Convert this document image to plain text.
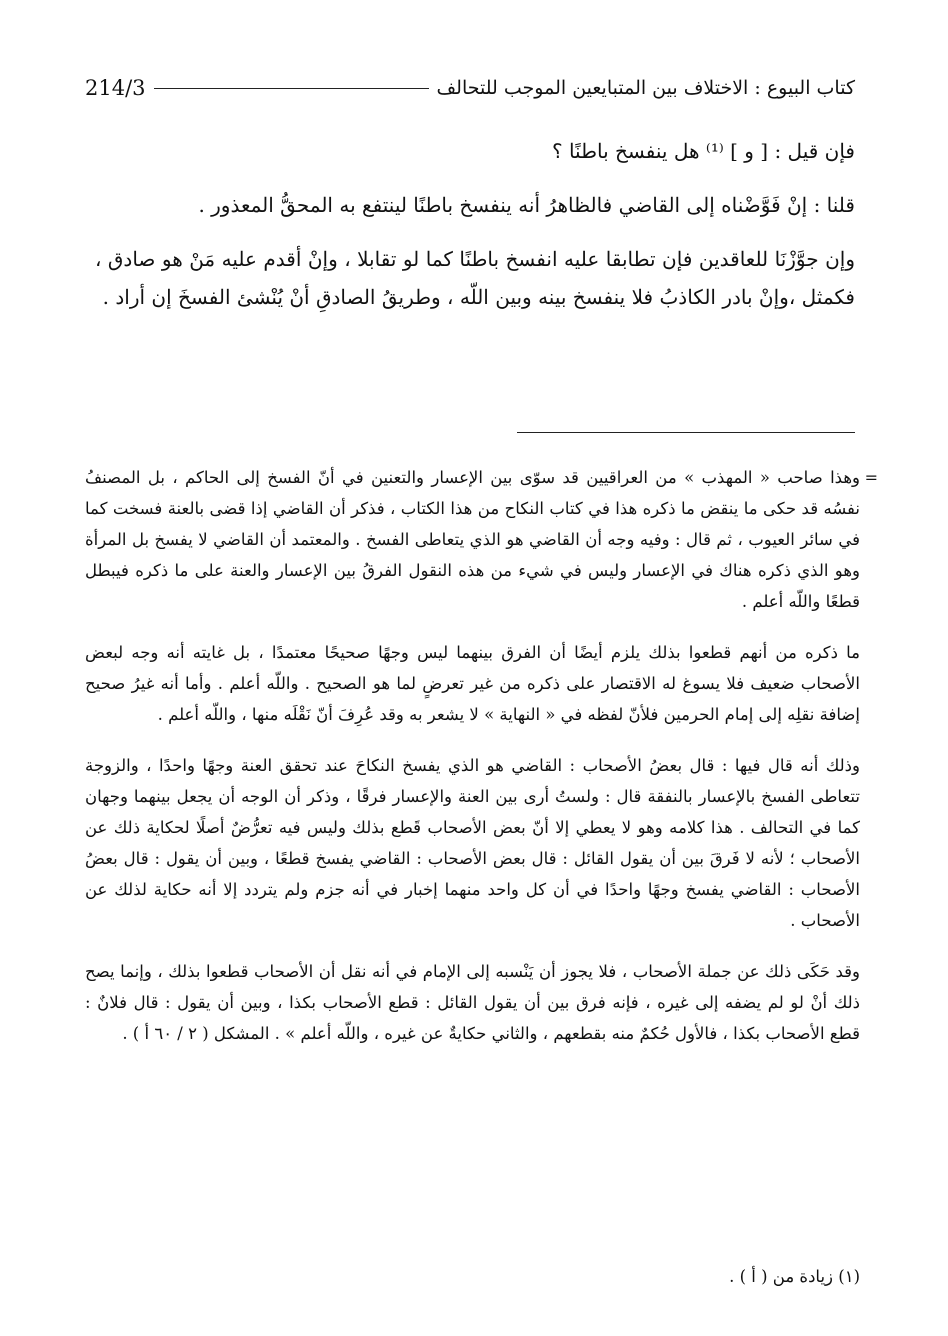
214/3	كتاب البيوع : الاختلاف بين المتبايعين الموجب للتحالف

فإن قيل : [ و ] ⁽¹⁾ هل ينفسخ باطنًا ؟

قلنا : إنْ فَوَّضْناه إلى القاضي فالظاهرُ أنه ينفسخ باطنًا لينتفع به المحقُّ المعذور .

وإن جوَّزْنَا للعاقدين فإن تطابقا عليه انفسخ باطنًا كما لو تقابلا ، وإنْ أقدم عليه مَنْ هو صادق ، فكمثل ،وإنْ بادر الكاذبُ فلا ينفسخ بينه وبين اللّه ، وطريقُ الصادقِ أنْ يُنْشئ الفسخَ إن أراد .

=
وهذا صاحب « المهذب » من العراقيين قد سوّى بين الإعسار والتعنين في أنّ الفسخ إلى الحاكم ، بل المصنفُ نفسُه قد حكى ما ينقض ما ذكره هذا في كتاب النكاح من هذا الكتاب ، فذكر أن القاضي إذا قضى بالعنة فسخت كما في سائر العيوب ، ثم قال : وفيه وجه أن القاضي هو الذي يتعاطى الفسخ . والمعتمد أن القاضي لا يفسخ بل المرأة وهو الذي ذكره هناك في الإعسار وليس في شيء من هذه النقول الفرقُ بين الإعسار والعنة على ما ذكره فيبطل قطعًا واللّه أعلم .
ما ذكره من أنهم قطعوا بذلك يلزم أيضًا أن الفرق بينهما ليس وجهًا صحيحًا معتمدًا ، بل غايته أنه وجه لبعض الأصحاب ضعيف فلا يسوغ له الاقتصار على ذكره من غير تعرضٍ لما هو الصحيح . واللّه أعلم . وأما أنه غيرُ صحيح إضافة نقلِه إلى إمام الحرمين فلأنّ لفظه في « النهاية » لا يشعر به وقد عُرِفَ أنّ نَقْلَه منها ، واللّه أعلم .
وذلك أنه قال فيها : قال بعضُ الأصحاب : القاضي هو الذي يفسخ النكاحَ عند تحقق العنة وجهًا واحدًا ، والزوجة تتعاطى الفسخ بالإعسار بالنفقة قال : ولستُ أرى بين العنة والإعسار فرقًا ، وذكر أن الوجه أن يجعل بينهما وجهان كما في التحالف . هذا كلامه وهو لا يعطي إلا أنّ بعض الأصحاب قَطع بذلك وليس فيه تعرُّضٌ أصلًا لحكاية ذلك عن الأصحاب ؛ لأنه لا فَرقَ بين أن يقول القائل : قال بعض الأصحاب : القاضي يفسخ قطعًا ، وبين أن يقول : قال بعضُ الأصحاب : القاضي يفسخ وجهًا واحدًا في أن كل واحد منهما إخبار في أنه جزم ولم يتردد إلا أنه حكاية لذلك عن الأصحاب .
وقد حَكَى ذلك عن جملة الأصحاب ، فلا يجوز أن يَنْسبه إلى الإمام في أنه نقل أن الأصحاب قطعوا بذلك ، وإنما يصح ذلك أنْ لو لم يضفه إلى غيره ، فإنه فرق بين أن يقول القائل : قطع الأصحاب بكذا ، وبين أن يقول : قال فلانٌ : قطع الأصحاب بكذا ، فالأول حُكمٌ منه بقطعهم ، والثاني حكايةٌ عن غيره ، واللّه أعلم » . المشكل ( ٢ / ٦٠ أ ) .
(١) زيادة من ( أ ) .
